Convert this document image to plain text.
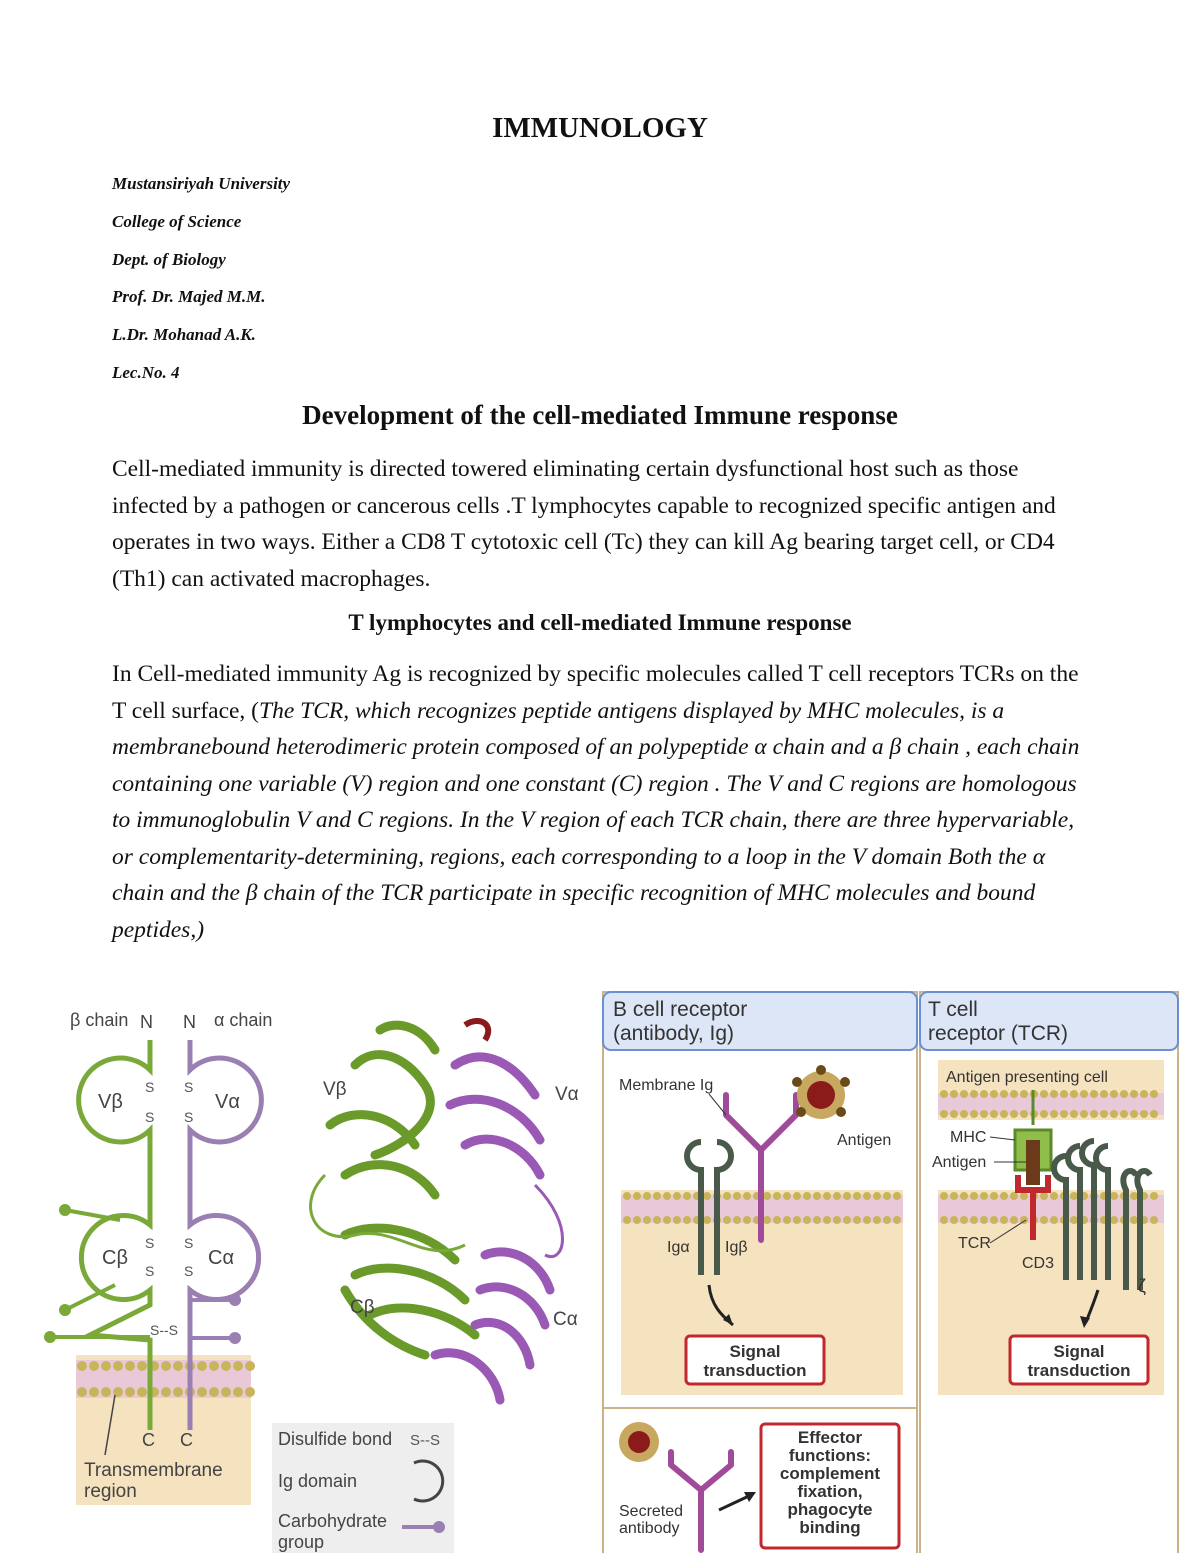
IMMUNOLOGY
Mustansiriyah University
College of Science
Dept. of Biology
Prof. Dr. Majed M.M.
L.Dr. Mohanad A.K.
Lec.No. 4
Development of the cell-mediated Immune response
Cell-mediated immunity is directed towered eliminating certain dysfunctional host such as those infected by a pathogen or cancerous cells .T lymphocytes capable to recognized specific antigen and operates in two ways. Either a CD8 T cytotoxic cell (Tc) they can kill Ag bearing target cell, or CD4 (Th1) can activated macrophages.
T lymphocytes and cell-mediated Immune response
In Cell-mediated immunity Ag is recognized by specific molecules called T cell receptors TCRs on the T cell surface, (The TCR, which recognizes peptide antigens displayed by MHC molecules, is a membranebound heterodimeric protein composed of an polypeptide α chain and a β chain , each chain containing one variable (V) region and one constant (C) region . The V and C regions are homologous to immunoglobulin V and C regions. In the V region of each TCR chain, there are three hypervariable, or complementarity-determining, regions, each corresponding to a loop in the V domain Both the α chain and the β chain of the TCR participate in specific recognition of MHC molecules and bound peptides,)
β chain N N α chain
Vβ	Vα
Cβ	Cα
S
S
S
S
S
S
S
S
S--S
C C
Transmembrane
region
Vβ	Vα
Cβ
Cα
Disulfide bond S--S
Ig domain
Carbohydrate
group
B cell receptor
(antibody, Ig)
Membrane Ig
Antigen
Igα Igβ
Signal
transduction
Secreted
antibody
Effector
functions:
complement
fixation,
phagocyte
binding
T cell
receptor (TCR)
Antigen presenting cell
MHC
Antigen
TCR
CD3
ζ
Signal
transduction
